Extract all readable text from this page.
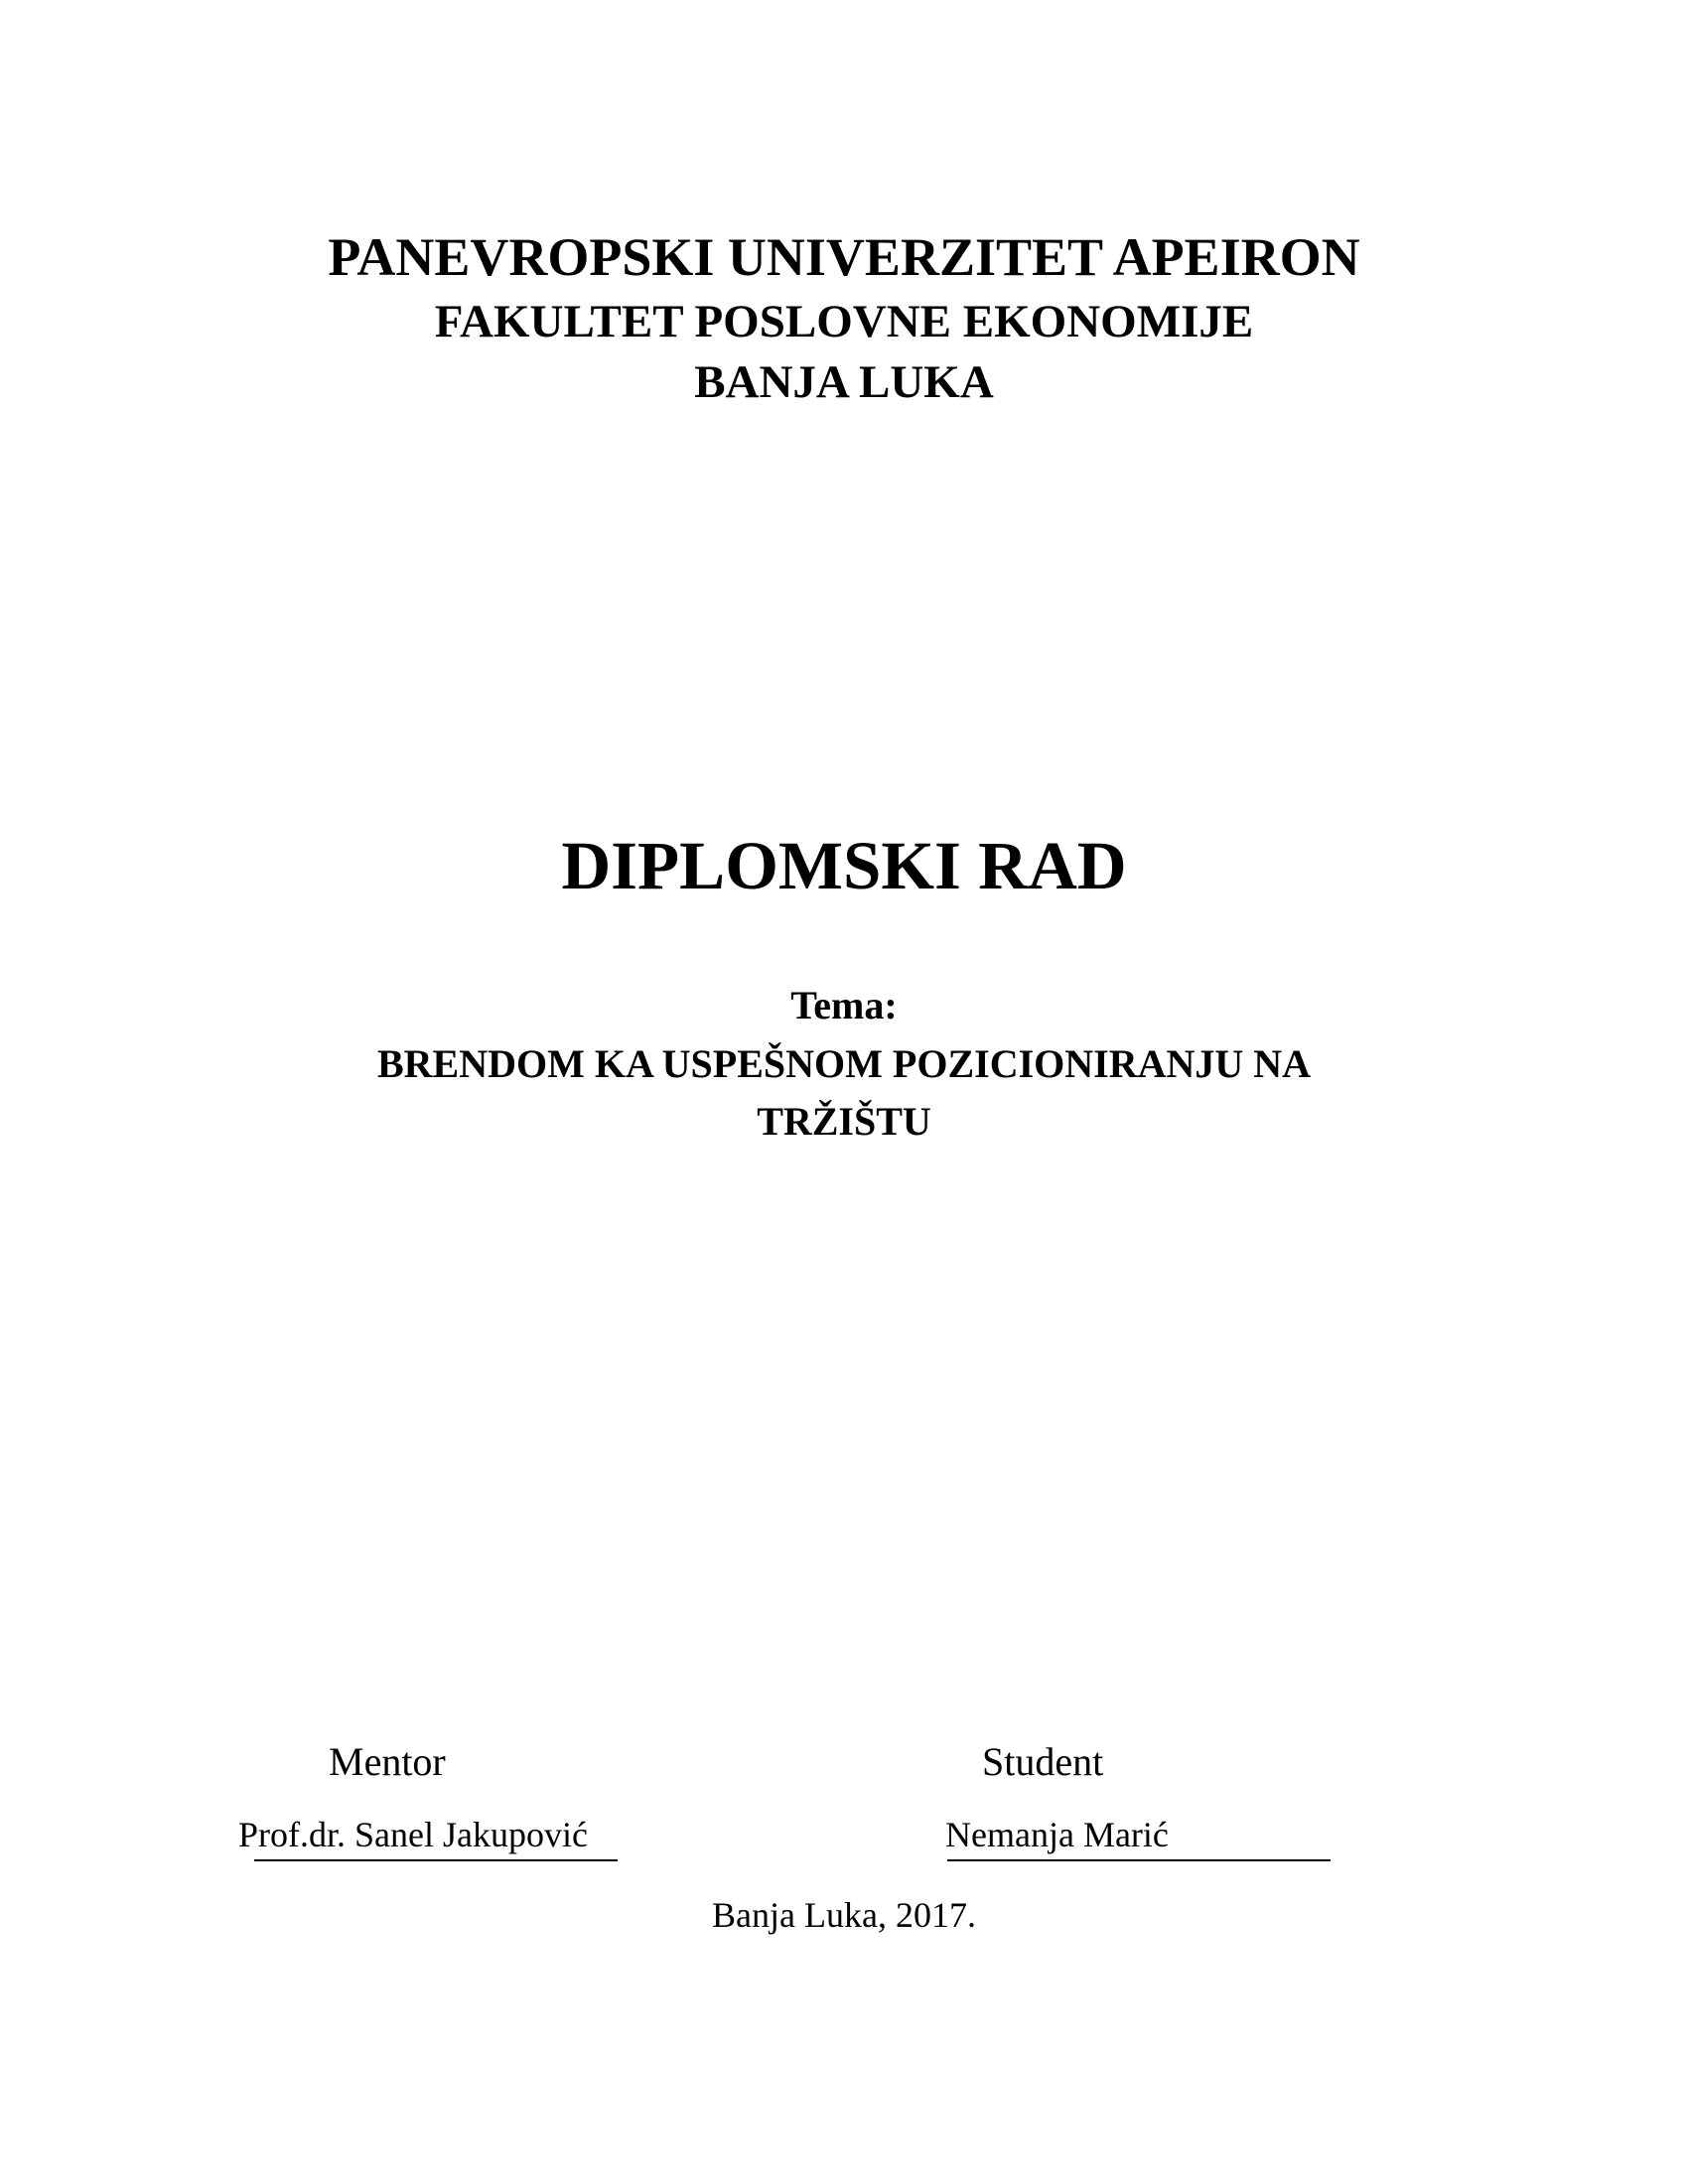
PANEVROPSKI UNIVERZITET APEIRON
FAKULTET POSLOVNE EKONOMIJE
BANJA LUKA
DIPLOMSKI RAD
Tema:
BRENDOM KA USPEŠNOM POZICIONIRANJU NA
TRŽIŠTU
Mentor	Student
Prof.dr. Sanel Jakupović	Nemanja Marić
Banja Luka, 2017.
